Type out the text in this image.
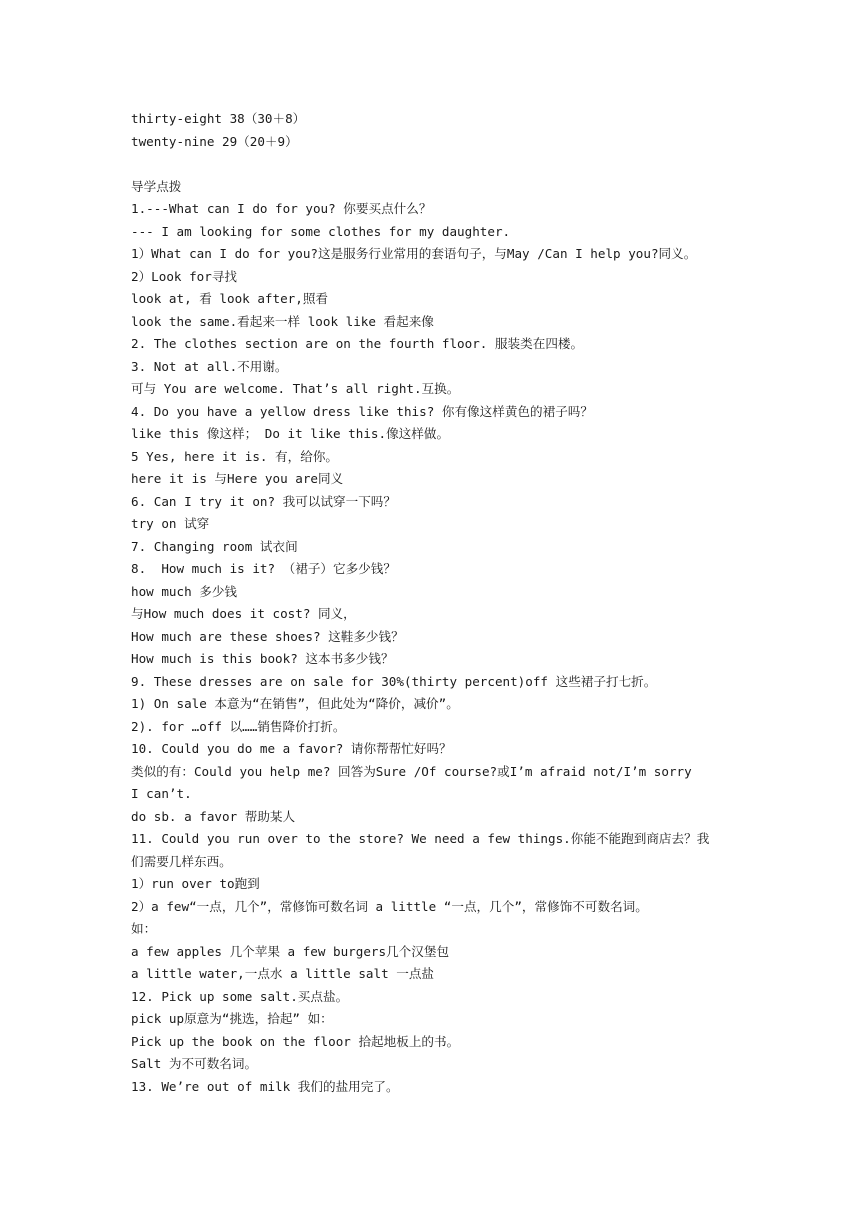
thirty-eight 38（30＋8）
twenty-nine 29（20＋9）
导学点拨
1.---What can I do for you? 你要买点什么？
--- I am looking for some clothes for my daughter.
1）What can I do for you?这是服务行业常用的套语句子，与May /Can I help you?同义。
2）Look for寻找
look at, 看 look after,照看
look the same.看起来一样 look like 看起来像
2. The clothes section are on the fourth floor. 服装类在四楼。
3. Not at all.不用谢。
可与 You are welcome. That’s all right.互换。
4. Do you have a yellow dress like this? 你有像这样黄色的裙子吗？
like this 像这样； Do it like this.像这样做。
5 Yes, here it is. 有，给你。
here it is 与Here you are同义
6. Can I try it on? 我可以试穿一下吗？
try on 试穿
7. Changing room 试衣间
8.  How much is it? （裙子）它多少钱？
how much 多少钱
与How much does it cost? 同义，
How much are these shoes? 这鞋多少钱？
How much is this book? 这本书多少钱？
9. These dresses are on sale for 30%(thirty percent)off 这些裙子打七折。
1) On sale 本意为“在销售”，但此处为“降价，减价”。
2). for …off 以……销售降价打折。
10. Could you do me a favor? 请你帮帮忙好吗？
类似的有：Could you help me? 回答为Sure /Of course?或I’m afraid not/I’m sorry
I can’t.
do sb. a favor 帮助某人
11. Could you run over to the store? We need a few things.你能不能跑到商店去？我
们需要几样东西。
1）run over to跑到
2）a few“一点，几个”，常修饰可数名词 a little “一点，几个”，常修饰不可数名词。
如：
a few apples 几个苹果 a few burgers几个汉堡包
a little water,一点水 a little salt 一点盐
12. Pick up some salt.买点盐。
pick up原意为“挑选，拾起” 如：
Pick up the book on the floor 拾起地板上的书。
Salt 为不可数名词。
13. We’re out of milk 我们的盐用完了。
